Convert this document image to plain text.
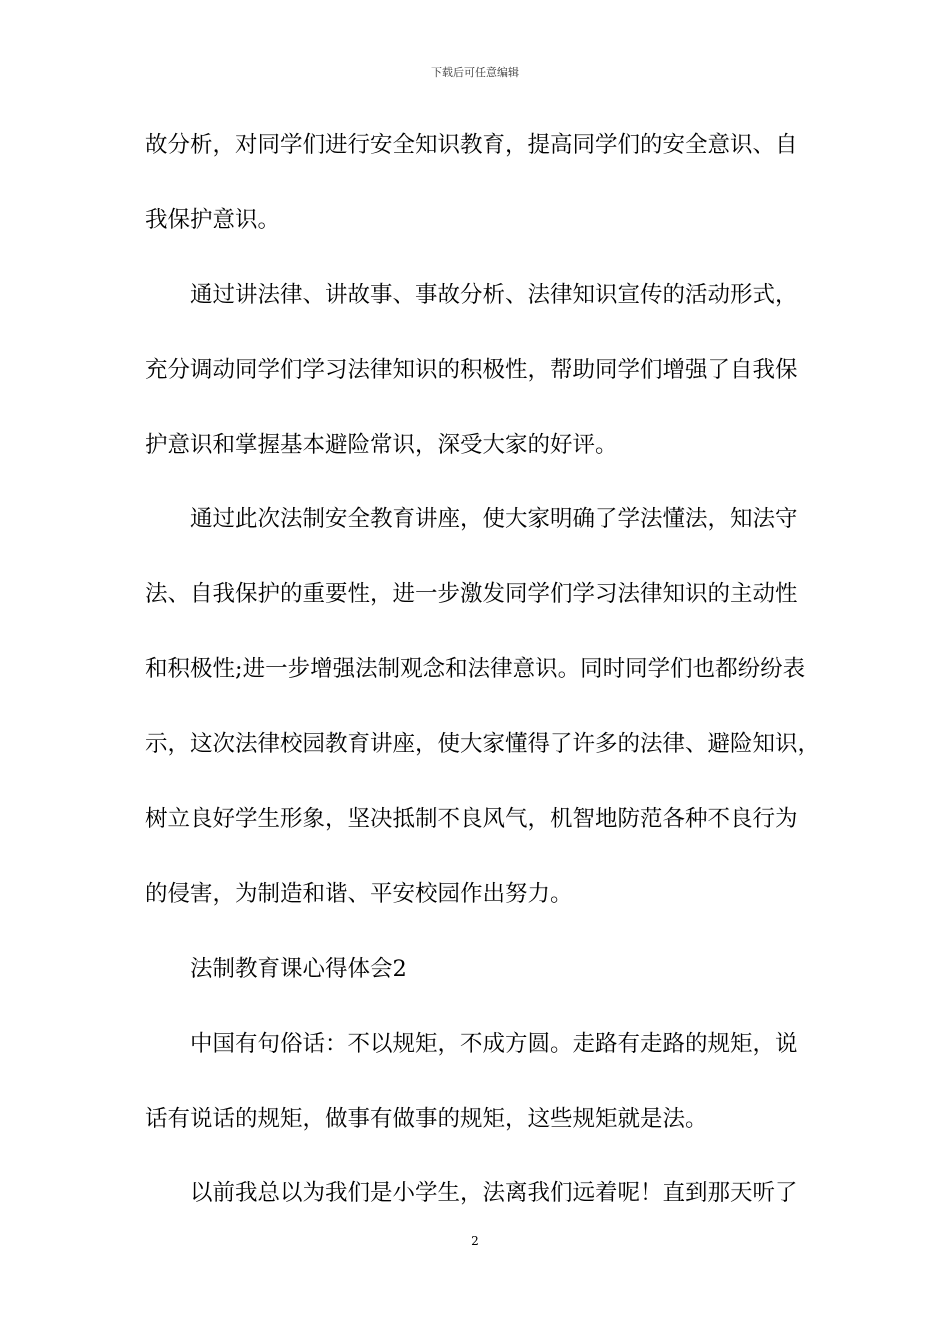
下载后可任意编辑
故分析，对同学们进行安全知识教育，提高同学们的安全意识、自
我保护意识。
通过讲法律、讲故事、事故分析、法律知识宣传的活动形式，
充分调动同学们学习法律知识的积极性，帮助同学们增强了自我保
护意识和掌握基本避险常识，深受大家的好评。
通过此次法制安全教育讲座，使大家明确了学法懂法，知法守
法、自我保护的重要性，进一步激发同学们学习法律知识的主动性
和积极性;进一步增强法制观念和法律意识。同时同学们也都纷纷表
示，这次法律校园教育讲座，使大家懂得了许多的法律、避险知识，
树立良好学生形象，坚决抵制不良风气，机智地防范各种不良行为
的侵害，为制造和谐、平安校园作出努力。
法制教育课心得体会2
中国有句俗话：不以规矩，不成方圆。走路有走路的规矩，说
话有说话的规矩，做事有做事的规矩，这些规矩就是法。
以前我总以为我们是小学生，法离我们远着呢！直到那天听了
2
